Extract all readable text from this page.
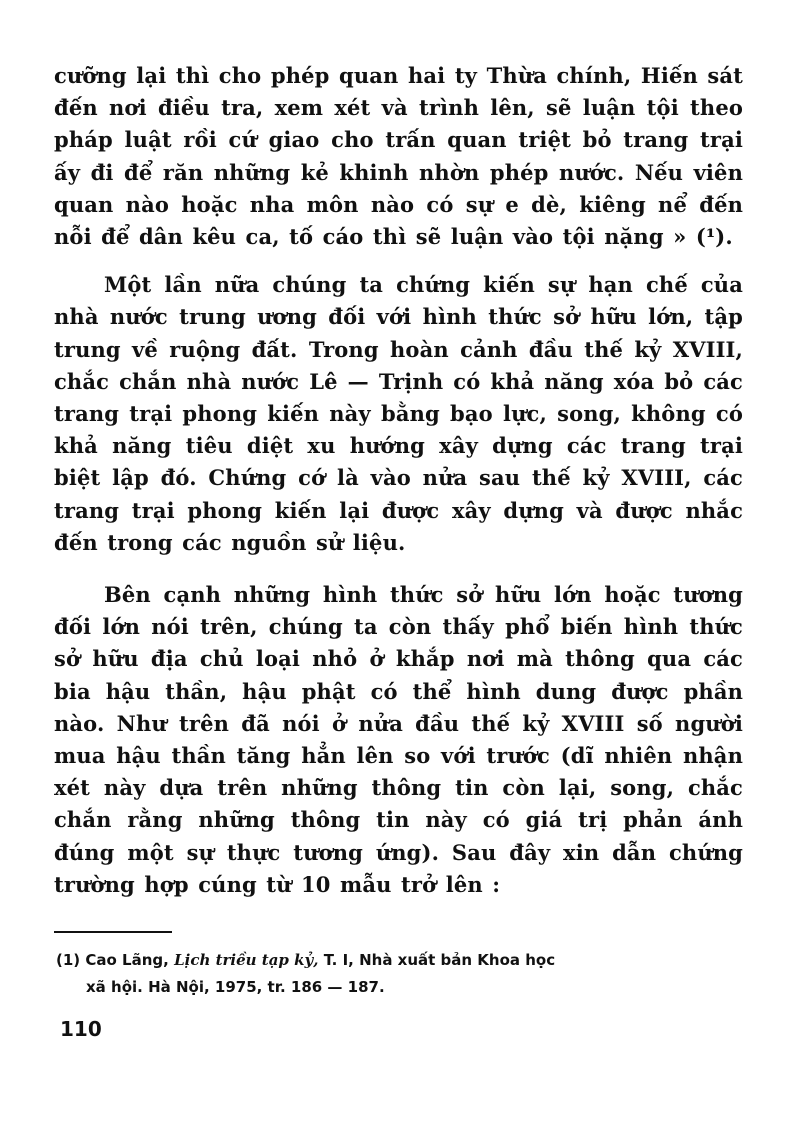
cưỡng lại thì cho phép quan hai ty Thừa chính, Hiến sát đến nơi điều tra, xem xét và trình lên, sẽ luận tội theo pháp luật rồi cứ giao cho trấn quan triệt bỏ trang trại ấy đi để răn những kẻ khinh nhờn phép nước. Nếu viên quan nào hoặc nha môn nào có sự e dè, kiêng nể đến nỗi để dân kêu ca, tố cáo thì sẽ luận vào tội nặng » (¹).

Một lần nữa chúng ta chứng kiến sự hạn chế của nhà nước trung ương đối với hình thức sở hữu lớn, tập trung về ruộng đất. Trong hoàn cảnh đầu thế kỷ XVIII, chắc chắn nhà nước Lê — Trịnh có khả năng xóa bỏ các trang trại phong kiến này bằng bạo lực, song, không có khả năng tiêu diệt xu hướng xây dựng các trang trại biệt lập đó. Chứng cớ là vào nửa sau thế kỷ XVIII, các trang trại phong kiến lại được xây dựng và được nhắc đến trong các nguồn sử liệu.

Bên cạnh những hình thức sở hữu lớn hoặc tương đối lớn nói trên, chúng ta còn thấy phổ biến hình thức sở hữu địa chủ loại nhỏ ở khắp nơi mà thông qua các bia hậu thần, hậu phật có thể hình dung được phần nào. Như trên đã nói ở nửa đầu thế kỷ XVIII số người mua hậu thần tăng hẳn lên so với trước (dĩ nhiên nhận xét này dựa trên những thông tin còn lại, song, chắc chắn rằng những thông tin này có giá trị phản ánh đúng một sự thực tương ứng). Sau đây xin dẫn chứng trường hợp cúng từ 10 mẫu trở lên :

(1) Cao Lãng, Lịch triều tạp kỷ, T. I, Nhà xuất bản Khoa học
xã hội. Hà Nội, 1975, tr. 186 — 187.
110
